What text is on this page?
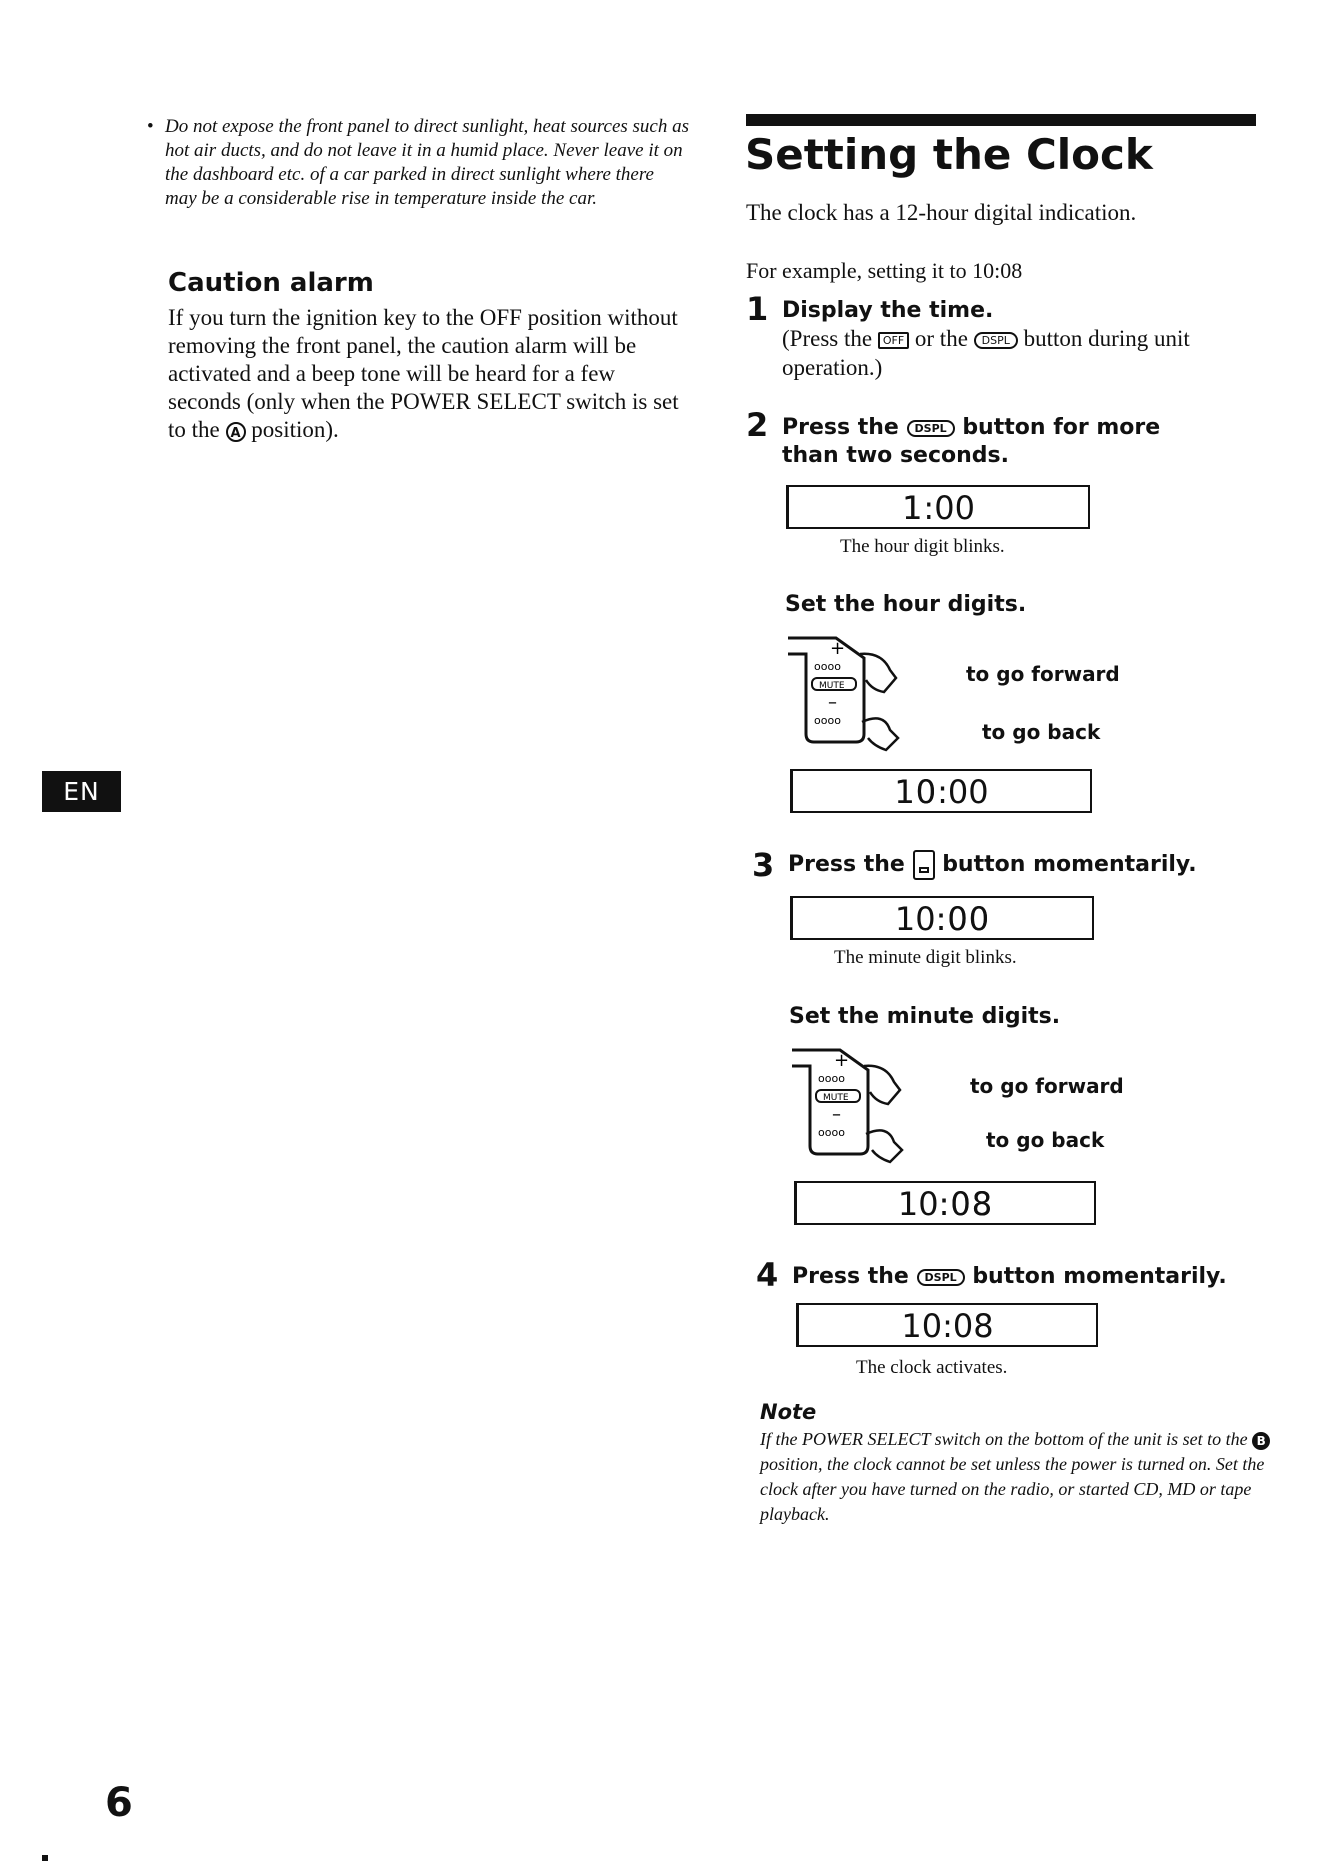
• Do not expose the front panel to direct sunlight, heat sources such as hot air ducts, and do not leave it in a humid place. Never leave it on the dashboard etc. of a car parked in direct sunlight where there may be a considerable rise in temperature inside the car.
Caution alarm
If you turn the ignition key to the OFF position without removing the front panel, the caution alarm will be activated and a beep tone will be heard for a few seconds (only when the POWER SELECT switch is set to the A position).
EN
6
Setting the Clock
The clock has a 12-hour digital indication.
For example, setting it to 10:08
1 Display the time.
(Press the OFF or the DSPL button during unit operation.)
2 Press the DSPL button for more than two seconds.
1:00
The hour digit blinks.
Set the hour digits.
+
oooo
MUTE
–
oooo
to go forward
to go back
10:00
3 Press the button momentarily.
10:00
The minute digit blinks.
Set the minute digits.
+
oooo
MUTE
–
oooo
to go forward
to go back
10:08
4 Press the DSPL button momentarily.
10:08
The clock activates.
Note
If the POWER SELECT switch on the bottom of the unit is set to the B position, the clock cannot be set unless the power is turned on. Set the clock after you have turned on the radio, or started CD, MD or tape playback.
